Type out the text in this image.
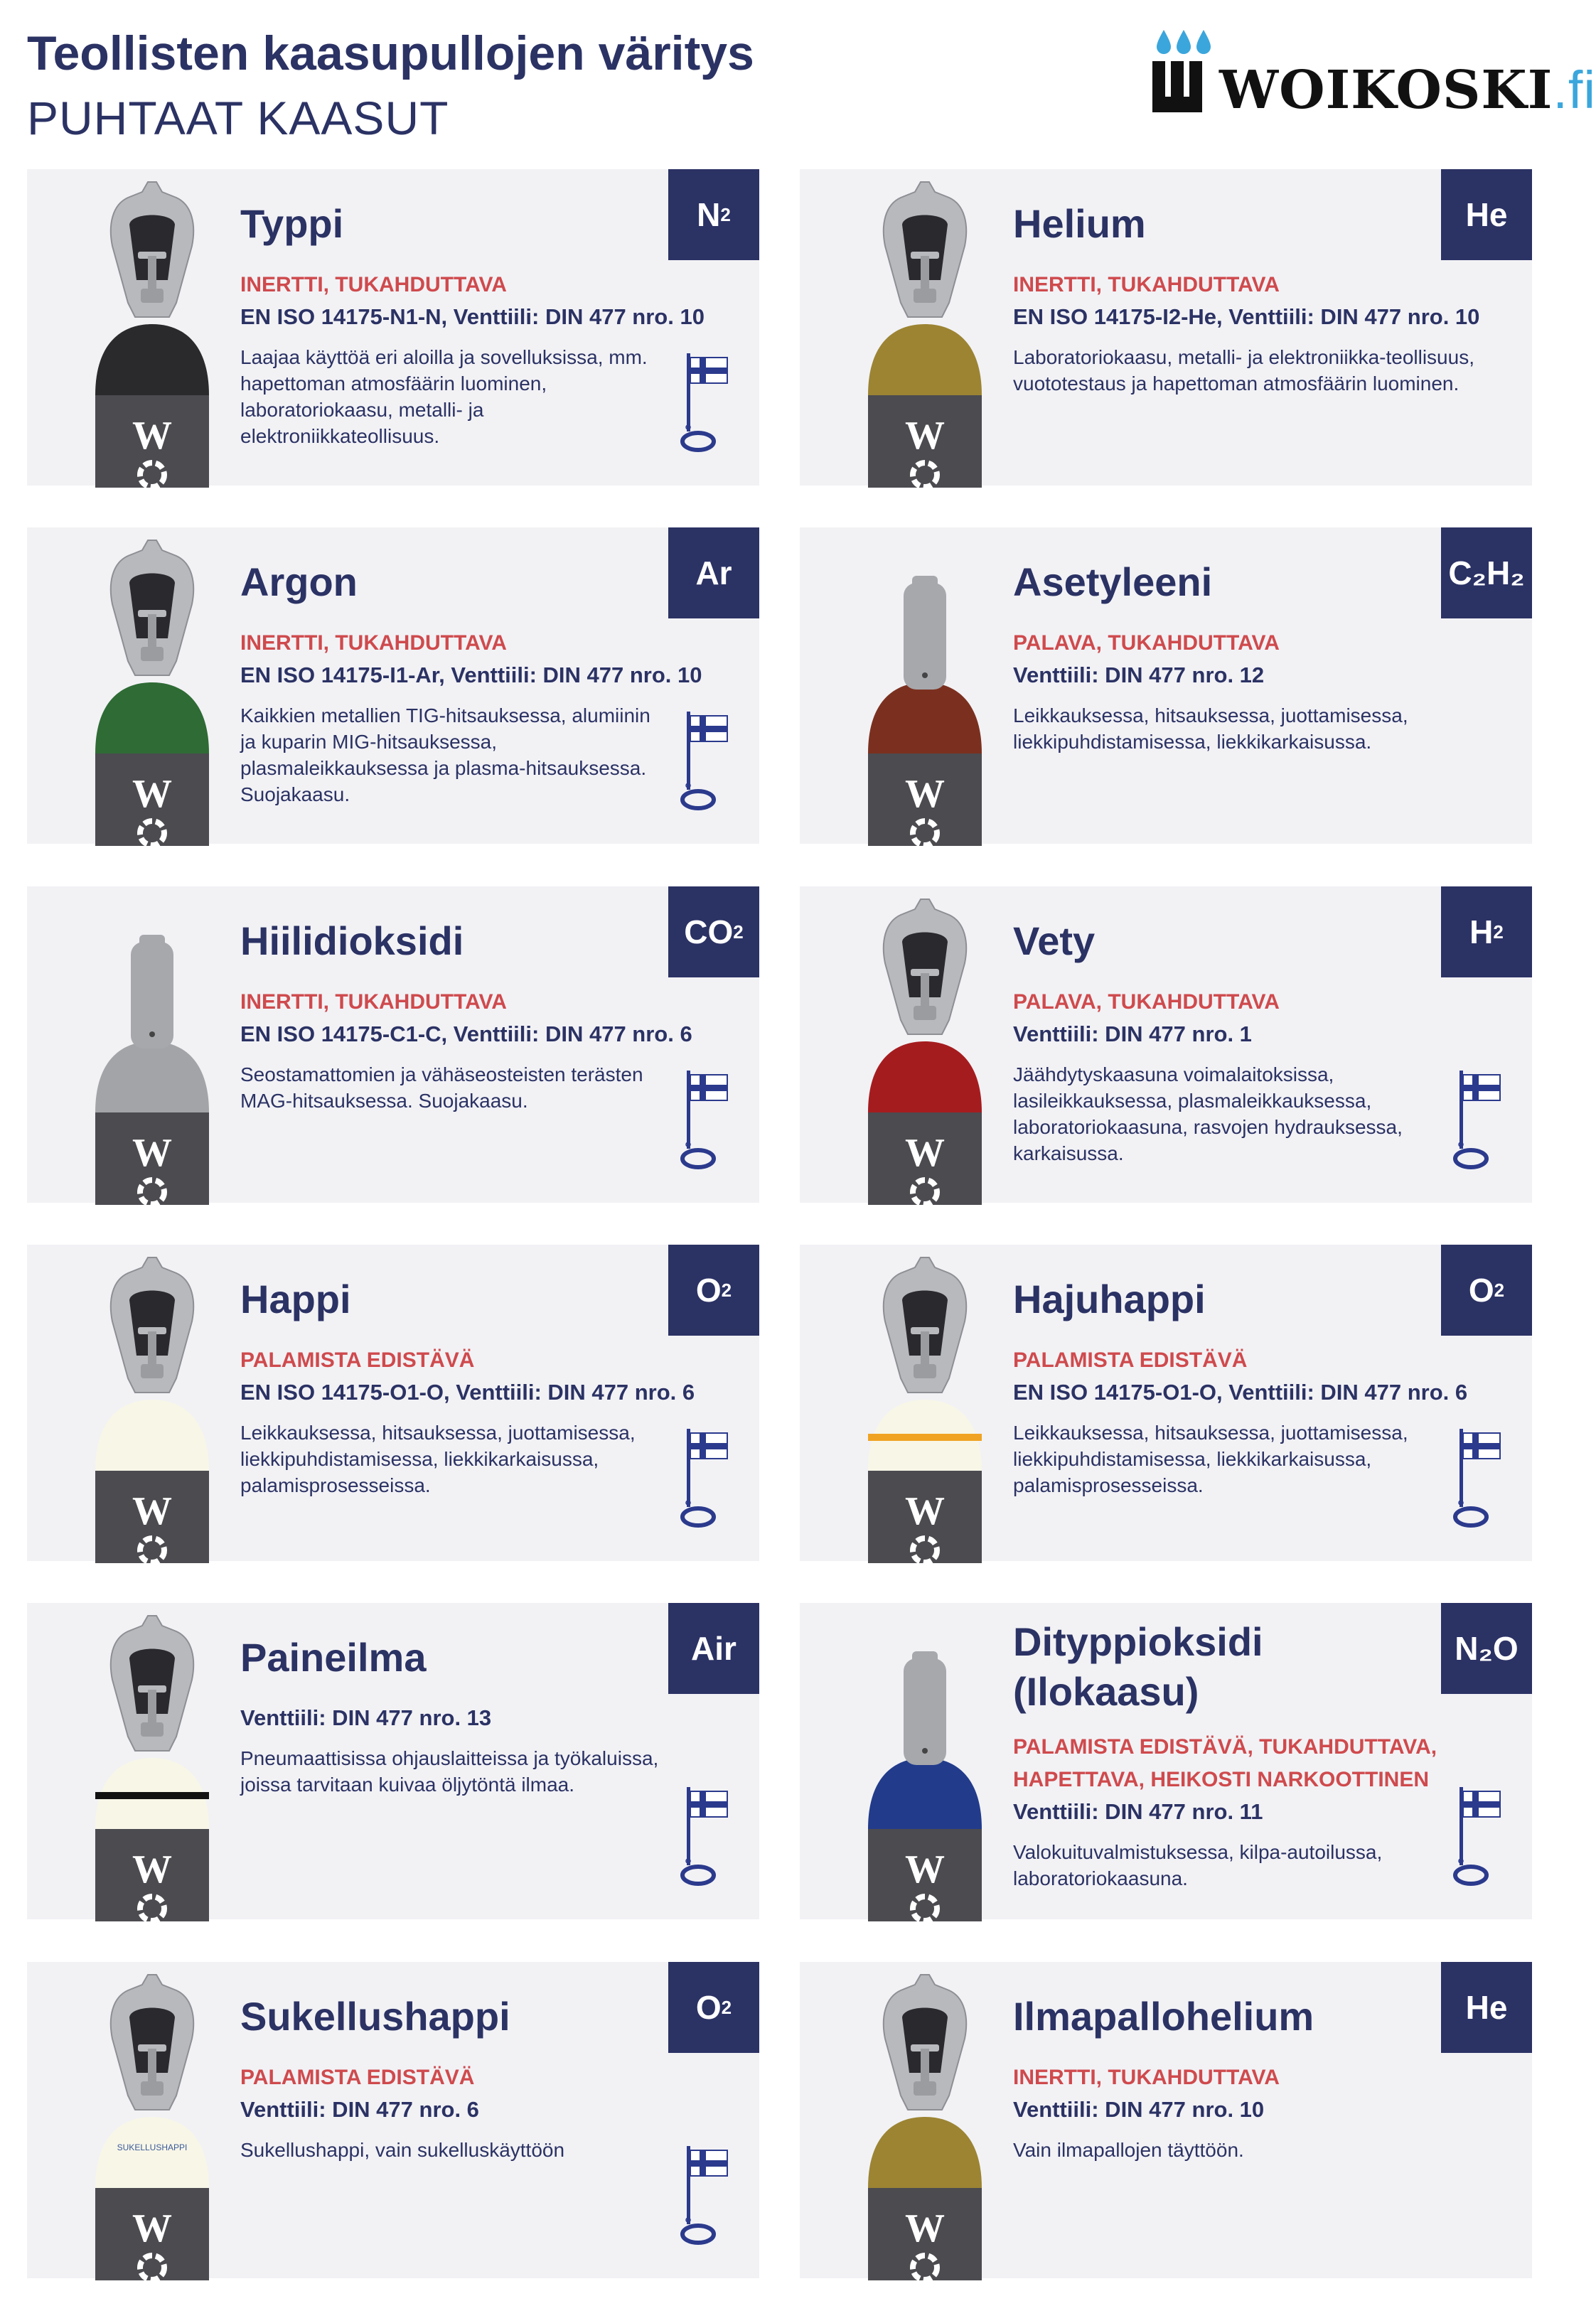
Teollisten kaasupullojen väritys
PUHTAAT KAASUT	WOIKOSKI.fi
W
N 2
Typpi
INERTTI, TUKAHDUTTAVA
EN ISO 14175-N1-N, Venttiili: DIN 477 nro. 10
Laajaa käyttöä eri aloilla ja sovelluksissa, mm. hapettoman atmosfäärin luominen, laboratoriokaasu, metalli- ja elektroniikkateollisuus.	W
He
Helium
INERTTI, TUKAHDUTTAVA
EN ISO 14175-I2-He, Venttiili: DIN 477 nro. 10
Laboratoriokaasu, metalli- ja elektroniikka-teollisuus, vuototestaus ja hapettoman atmosfäärin luominen.
W
Ar
Argon
INERTTI, TUKAHDUTTAVA
EN ISO 14175-I1-Ar, Venttiili: DIN 477 nro. 10
Kaikkien metallien TIG-hitsauksessa, alumiinin ja kuparin MIG-hitsauksessa, plasmaleikkauksessa ja plasma-hitsauksessa. Suojakaasu.	W
C₂H₂
Asetyleeni
PALAVA, TUKAHDUTTAVA
Venttiili: DIN 477 nro. 12
Leikkauksessa, hitsauksessa, juottamisessa, liekkipuhdistamisessa, liekkikarkaisussa.
W
CO 2
Hiilidioksidi
INERTTI, TUKAHDUTTAVA
EN ISO 14175-C1-C, Venttiili: DIN 477 nro. 6
Seostamattomien ja vähäseosteisten terästen MAG-hitsauksessa. Suojakaasu.
W
H 2
Vety
PALAVA, TUKAHDUTTAVA
Venttiili: DIN 477 nro. 1
Jäähdytyskaasuna voimalaitoksissa, lasileikkauksessa, plasmaleikkauksessa, laboratoriokaasuna, rasvojen hydrauksessa, karkaisussa.
W
O 2
Happi
PALAMISTA EDISTÄVÄ
EN ISO 14175-O1-O, Venttiili: DIN 477 nro. 6
Leikkauksessa, hitsauksessa, juottamisessa, liekkipuhdistamisessa, liekkikarkaisussa, palamisprosesseissa.
W
O 2
Hajuhappi
PALAMISTA EDISTÄVÄ
EN ISO 14175-O1-O, Venttiili: DIN 477 nro. 6
Leikkauksessa, hitsauksessa, juottamisessa, liekkipuhdistamisessa, liekkikarkaisussa, palamisprosesseissa.
W
Air
Paineilma
Venttiili: DIN 477 nro. 13
Pneumaattisissa ohjauslaitteissa ja työkaluissa, joissa tarvitaan kuivaa öljytöntä ilmaa.
W
N₂O
Dityppioksidi
(Ilokaasu)
PALAMISTA EDISTÄVÄ, TUKAHDUTTAVA, HAPETTAVA, HEIKOSTI NARKOOTTINEN
Venttiili: DIN 477 nro. 11
Valokuituvalmistuksessa, kilpa-autoilussa, laboratoriokaasuna.
SUKELLUSHAPPI
W
O 2
Sukellushappi
PALAMISTA EDISTÄVÄ
Venttiili: DIN 477 nro. 6
Sukellushappi, vain sukelluskäyttöön
W
He
Ilmapallohelium
INERTTI, TUKAHDUTTAVA
Venttiili: DIN 477 nro. 10
Vain ilmapallojen täyttöön.
